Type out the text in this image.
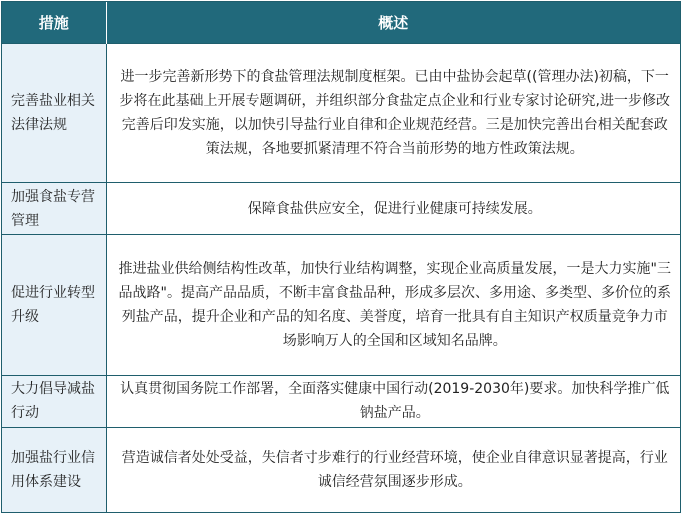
措施	概述
完善盐业相关法律法规	进一步完善新形势下的食盐管理法规制度框架。已由中盐协会起草((管理办法)初稿，下一步将在此基础上开展专题调研，并组织部分食盐定点企业和行业专家讨论研究,进一步修改完善后印发实施，以加快引导盐行业自律和企业规范经营。三是加快完善出台相关配套政策法规，各地要抓紧清理不符合当前形势的地方性政策法规。
加强食盐专营管理	保障食盐供应安全，促进行业健康可持续发展。
促进行业转型升级	推进盐业供给侧结构性改革，加快行业结构调整，实现企业高质量发展，一是大力实施"三品战路"。提高产品品质，不断丰富食盐品种，形成多层次、多用途、多类型、多价位的系列盐产品，提升企业和产品的知名度、美誉度，培育一批具有自主知识产权质量竞争力市场影响万人的全国和区域知名品牌。
大力倡导减盐行动	认真贯彻国务院工作部署，全面落实健康中国行动(2019-2030年)要求。加快科学推广低钠盐产品。
加强盐行业信用体系建设	营造诚信者处处受益，失信者寸步难行的行业经营环境，使企业自律意识显著提高，行业诚信经营氛围逐步形成。
